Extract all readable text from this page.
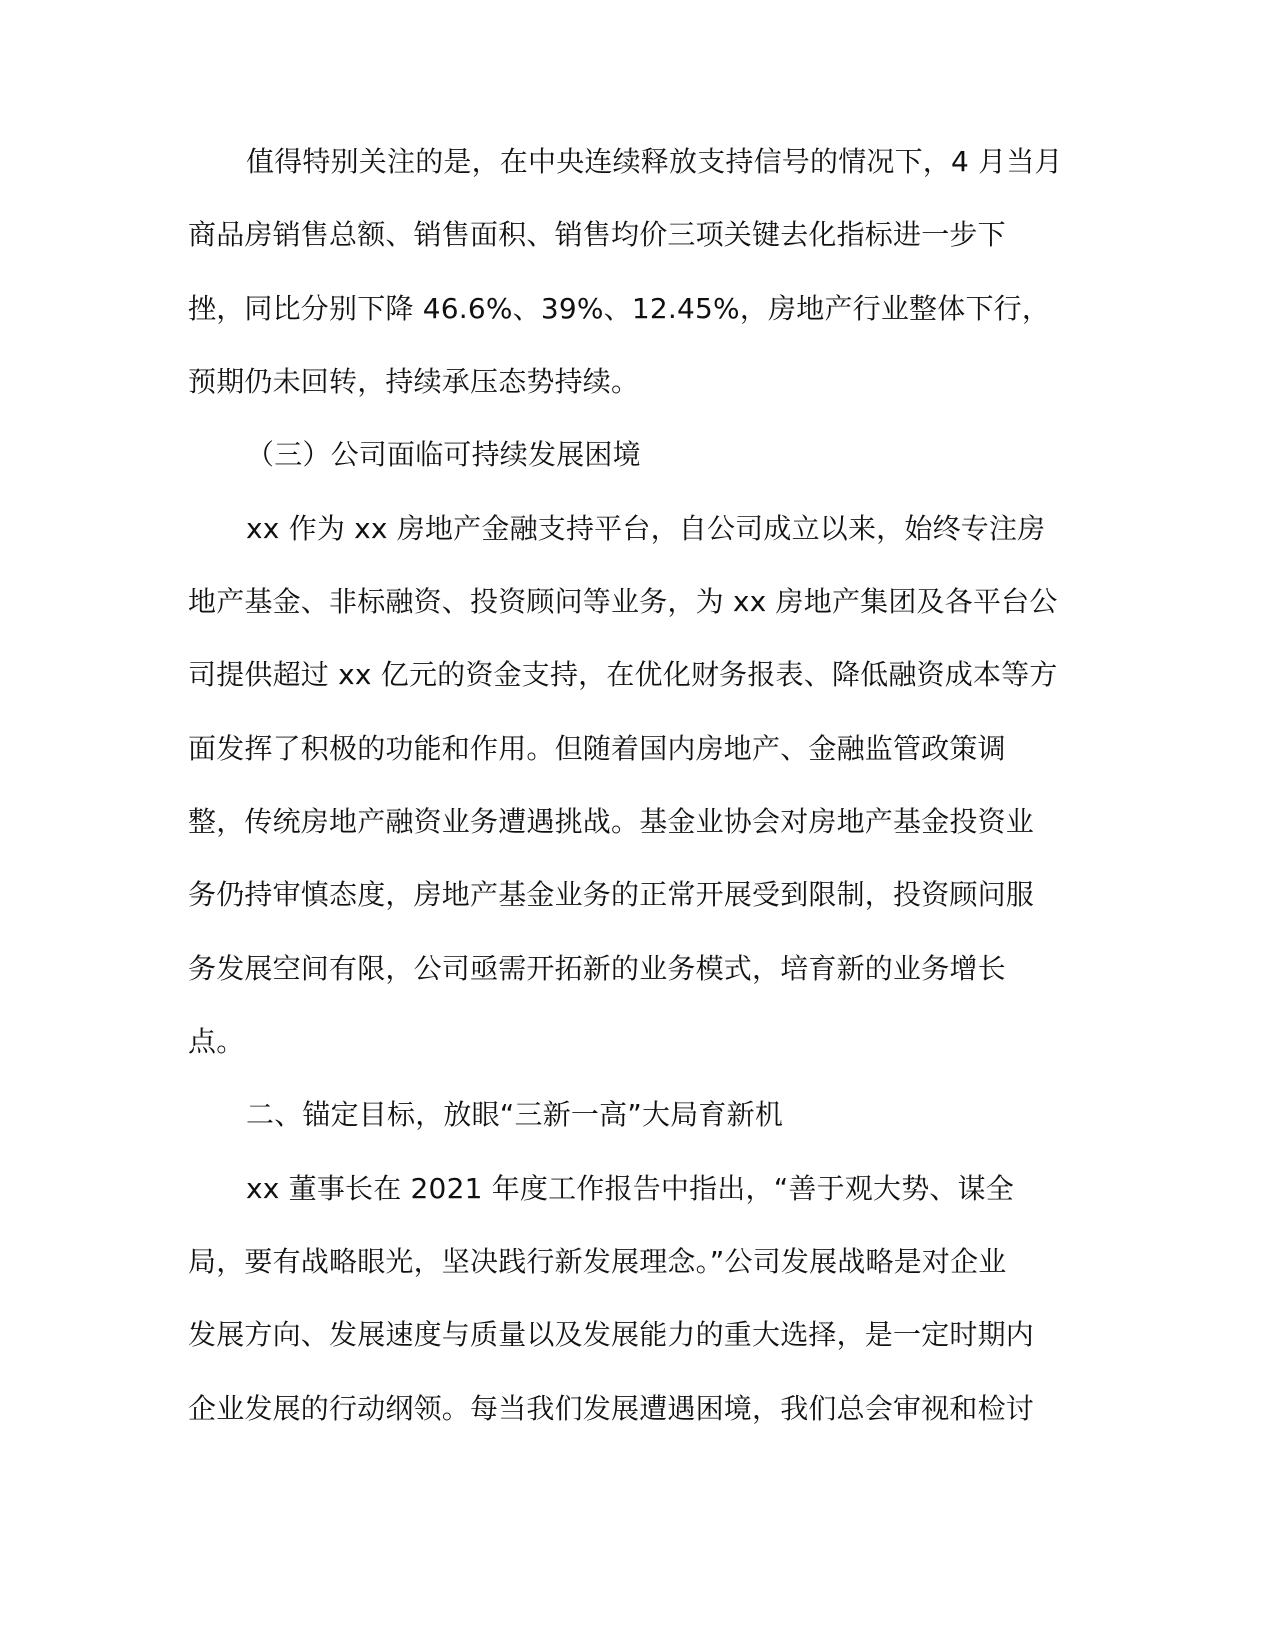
值得特别关注的是，在中央连续释放支持信号的情况下，4 月当月
商品房销售总额、销售面积、销售均价三项关键去化指标进一步下
挫，同比分别下降 46.6%、39%、12.45%，房地产行业整体下行，
预期仍未回转，持续承压态势持续。
（三）公司面临可持续发展困境
xx 作为 xx 房地产金融支持平台，自公司成立以来，始终专注房
地产基金、非标融资、投资顾问等业务，为 xx 房地产集团及各平台公
司提供超过 xx 亿元的资金支持，在优化财务报表、降低融资成本等方
面发挥了积极的功能和作用。但随着国内房地产、金融监管政策调
整，传统房地产融资业务遭遇挑战。基金业协会对房地产基金投资业
务仍持审慎态度，房地产基金业务的正常开展受到限制，投资顾问服
务发展空间有限，公司亟需开拓新的业务模式，培育新的业务增长
点。
二、锚定目标，放眼“三新一高”大局育新机
xx 董事长在 2021 年度工作报告中指出，“善于观大势、谋全
局，要有战略眼光，坚决践行新发展理念。”公司发展战略是对企业
发展方向、发展速度与质量以及发展能力的重大选择，是一定时期内
企业发展的行动纲领。每当我们发展遭遇困境，我们总会审视和检讨
